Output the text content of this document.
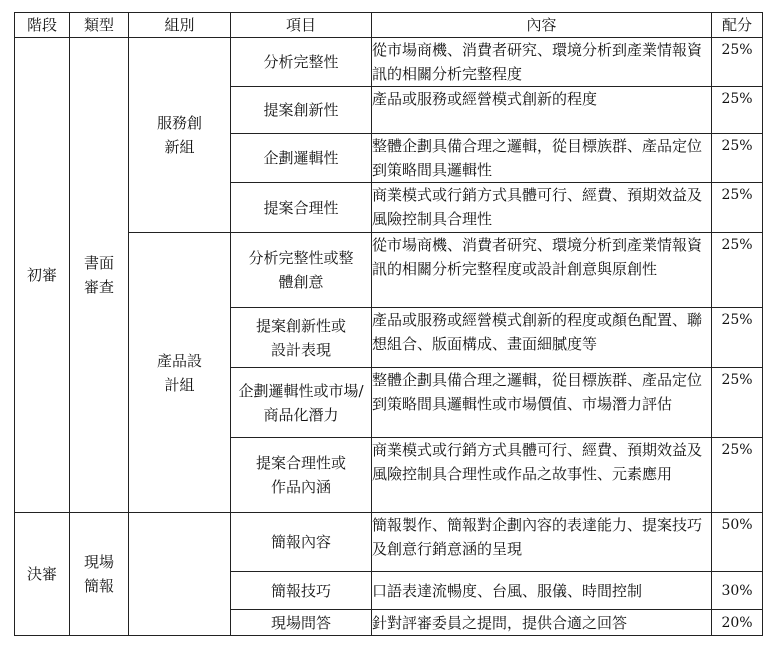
階段	類型	組別	項目	內容	配分
初審	書面審查	服務創新組	分析完整性	從市場商機、消費者研究、環境分析到產業情報資訊的相關分析完整程度	25%
			提案創新性	產品或服務或經營模式創新的程度	25%
			企劃邏輯性	整體企劃具備合理之邏輯，從目標族群、產品定位到策略間具邏輯性	25%
			提案合理性	商業模式或行銷方式具體可行、經費、預期效益及風險控制具合理性	25%
		產品設計組	分析完整性或整體創意	從市場商機、消費者研究、環境分析到產業情報資訊的相關分析完整程度或設計創意與原創性	25%
			提案創新性或設計表現	產品或服務或經營模式創新的程度或顏色配置、聯想組合、版面構成、畫面細膩度等	25%
			企劃邏輯性或市場/商品化潛力	整體企劃具備合理之邏輯，從目標族群、產品定位到策略間具邏輯性或市場價值、市場潛力評估	25%
			提案合理性或作品內涵	商業模式或行銷方式具體可行、經費、預期效益及風險控制具合理性或作品之故事性、元素應用	25%
決審	現場簡報		簡報內容	簡報製作、簡報對企劃內容的表達能力、提案技巧及創意行銷意涵的呈現	50%
			簡報技巧	口語表達流暢度、台風、服儀、時間控制	30%
			現場問答	針對評審委員之提問，提供合適之回答	20%
